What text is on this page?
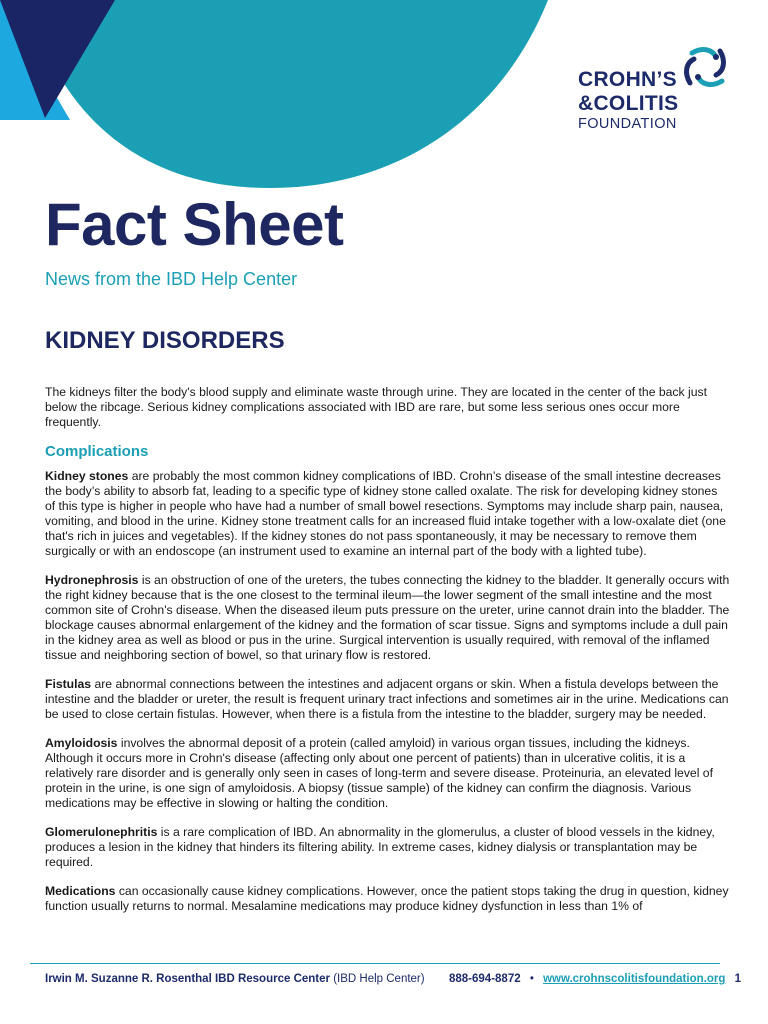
CROHN’S
&COLITIS
FOUNDATION
Fact Sheet
News from the IBD Help Center
KIDNEY DISORDERS

The kidneys filter the body's blood supply and eliminate waste through urine. They are located in the center of the back just below the ribcage. Serious kidney complications associated with IBD are rare, but some less serious ones occur more frequently.

Complications

Kidney stones are probably the most common kidney complications of IBD. Crohn’s disease of the small intestine decreases the body’s ability to absorb fat, leading to a specific type of kidney stone called oxalate. The risk for developing kidney stones of this type is higher in people who have had a number of small bowel resections. Symptoms may include sharp pain, nausea, vomiting, and blood in the urine. Kidney stone treatment calls for an increased fluid intake together with a low-oxalate diet (one that's rich in juices and vegetables). If the kidney stones do not pass spontaneously, it may be necessary to remove them surgically or with an endoscope (an instrument used to examine an internal part of the body with a lighted tube).

Hydronephrosis is an obstruction of one of the ureters, the tubes connecting the kidney to the bladder. It generally occurs with the right kidney because that is the one closest to the terminal ileum—the lower segment of the small intestine and the most common site of Crohn's disease. When the diseased ileum puts pressure on the ureter, urine cannot drain into the bladder. The blockage causes abnormal enlargement of the kidney and the formation of scar tissue. Signs and symptoms include a dull pain in the kidney area as well as blood or pus in the urine. Surgical intervention is usually required, with removal of the inflamed tissue and neighboring section of bowel, so that urinary flow is restored.

Fistulas are abnormal connections between the intestines and adjacent organs or skin. When a fistula develops between the intestine and the bladder or ureter, the result is frequent urinary tract infections and sometimes air in the urine. Medications can be used to close certain fistulas. However, when there is a fistula from the intestine to the bladder, surgery may be needed.

Amyloidosis involves the abnormal deposit of a protein (called amyloid) in various organ tissues, including the kidneys. Although it occurs more in Crohn's disease (affecting only about one percent of patients) than in ulcerative colitis, it is a relatively rare disorder and is generally only seen in cases of long-term and severe disease. Proteinuria, an elevated level of protein in the urine, is one sign of amyloidosis. A biopsy (tissue sample) of the kidney can confirm the diagnosis. Various medications may be effective in slowing or halting the condition.

Glomerulonephritis is a rare complication of IBD. An abnormality in the glomerulus, a cluster of blood vessels in the kidney, produces a lesion in the kidney that hinders its filtering ability. In extreme cases, kidney dialysis or transplantation may be required.

Medications can occasionally cause kidney complications. However, once the patient stops taking the drug in question, kidney function usually returns to normal. Mesalamine medications may produce kidney dysfunction in less than 1% of

Irwin M. Suzanne R. Rosenthal IBD Resource Center (IBD Help Center) 888-694-8872 • www.crohnscolitisfoundation.org 1
